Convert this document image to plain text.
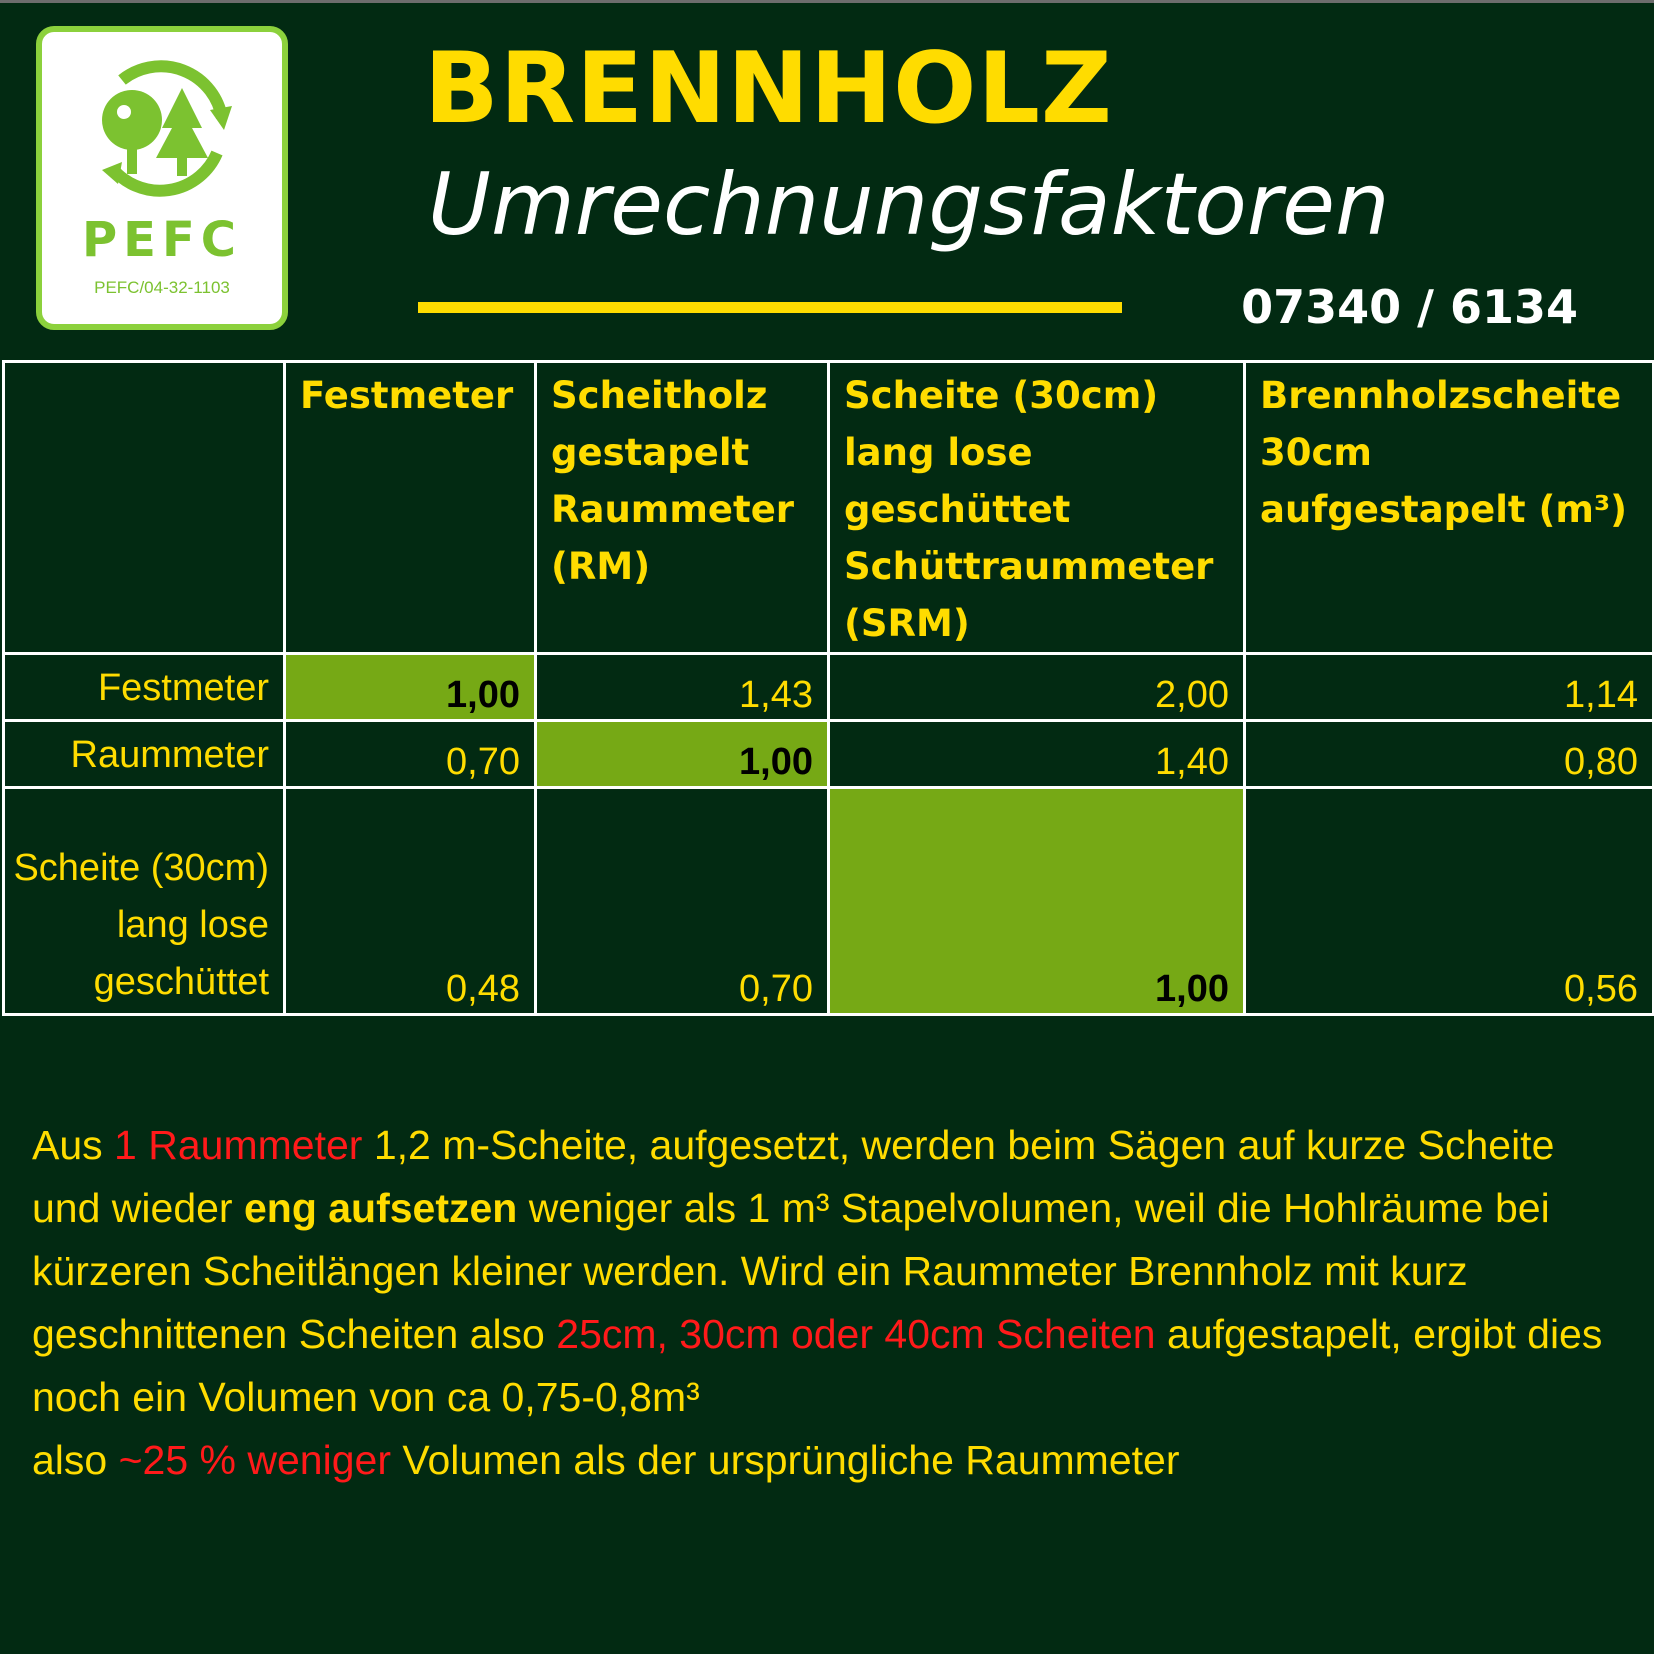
PEFC
PEFC/04-32-1103
BRENNHOLZ
Umrechnungsfaktoren
07340 / 6134
	Festmeter	Scheitholz gestapelt Raummeter (RM)	Scheite (30cm) lang lose geschüttet Schüttraummeter (SRM)	Brennholzscheite 30cm aufgestapelt (m³)
Festmeter	1,00	1,43	2,00	1,14
Raummeter	0,70	1,00	1,40	0,80
Scheite (30cm) lang lose geschüttet	0,48	0,70	1,00	0,56
Aus 1 Raummeter 1,2 m-Scheite, aufgesetzt, werden beim Sägen auf kurze Scheite und wieder eng aufsetzen weniger als 1 m³ Stapelvolumen, weil die Hohlräume bei kürzeren Scheitlängen kleiner werden. Wird ein Raummeter Brennholz mit kurz geschnittenen Scheiten also 25cm, 30cm oder 40cm Scheiten aufgestapelt, ergibt dies noch ein Volumen von ca 0,75-0,8m³
also ~25 % weniger Volumen als der ursprüngliche Raummeter
